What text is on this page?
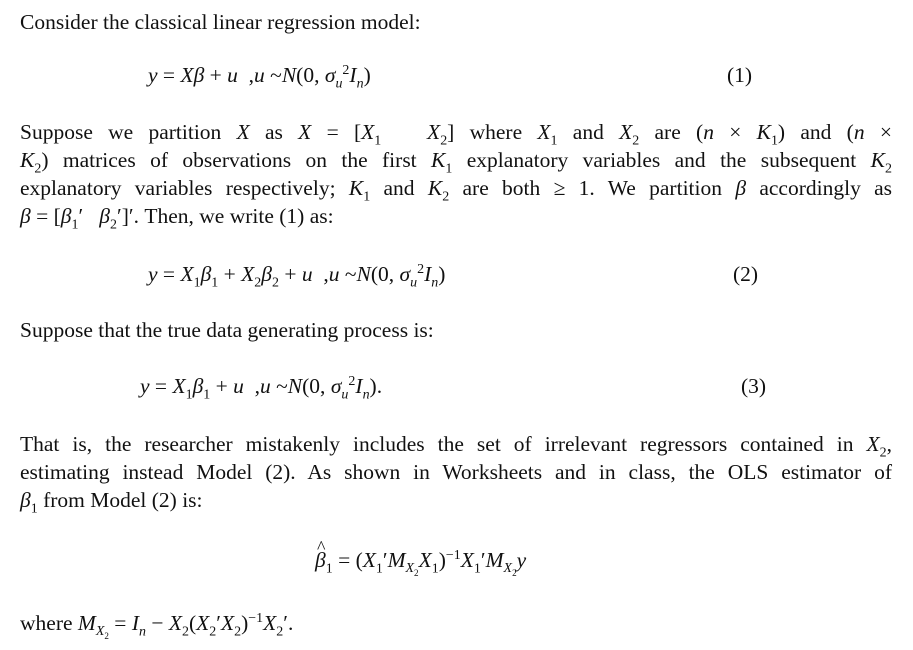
Consider the classical linear regression model:
y = Xβ + u  ,u ~N(0, $\sigma_u^2I_n$)	(1)
Suppose we partition X as $X = [X_1$ $X_2$] where $X_1$ and $X_2$ are $(n \times K_1)$ and (n ×
$K_2$) matrices of observations on the first $K_1$ explanatory variables and the subsequent $K_2$
explanatory variables respectively; $K_1$ and $K_2$ are both ≥ 1. We partition β accordingly as
$\beta = [\beta_1'$   $\beta_2']'$. Then, we write (1) as:
$y = X_1\beta_1 + X_2\beta_2 + u$  ,u ~N(0, $\sigma_u^2I_n$)	(2)
Suppose that the true data generating process is:
$y = X_1\beta_1 + u$  ,u ~N(0, $\sigma_u^2I_n$).	(3)
That is, the researcher mistakenly includes the set of irrelevant regressors contained in $X_2$,
estimating instead Model (2). As shown in Worksheets and in class, the OLS estimator of
$\beta_1$ from Model (2) is:
^ $\beta_1 = (X_1'M_{X_2}X_1)^{-1}X_1'M_{X_2}y$
where $M_{X_2} = I_n - X_2(X_2'X_2)^{-1}X_2'$.
